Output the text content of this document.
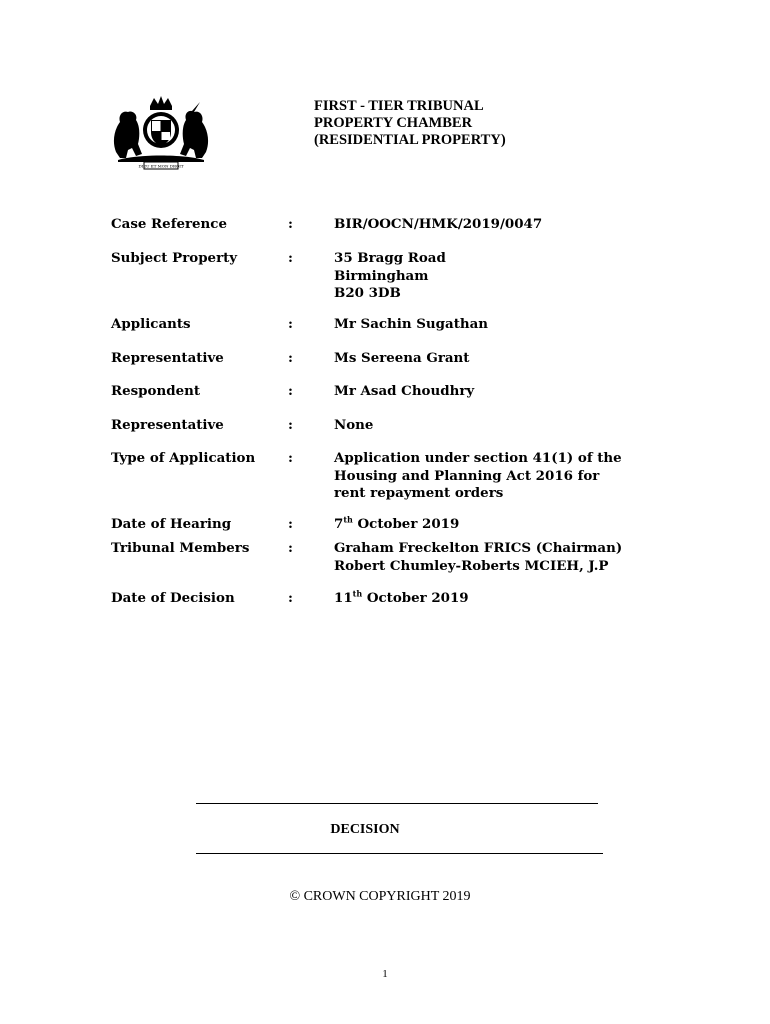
DIEU ET MON DROIT
FIRST - TIER TRIBUNAL
PROPERTY CHAMBER
(RESIDENTIAL PROPERTY)
Case Reference	:	BIR/OOCN/HMK/2019/0047
Subject Property	:	35 Bragg Road
Birmingham
B20 3DB
Applicants	:	Mr Sachin Sugathan
Representative	:	Ms Sereena Grant
Respondent	:	Mr Asad Choudhry
Representative	:	None
Type of Application :	Application under section 41(1) of the
Housing and Planning Act 2016 for
rent repayment orders
Date of Hearing	:	7th October 2019
Tribunal Members	:	Graham Freckelton FRICS (Chairman)
Robert Chumley-Roberts MCIEH, J.P
Date of Decision	:	11th October 2019
DECISION
© CROWN COPYRIGHT 2019
1
